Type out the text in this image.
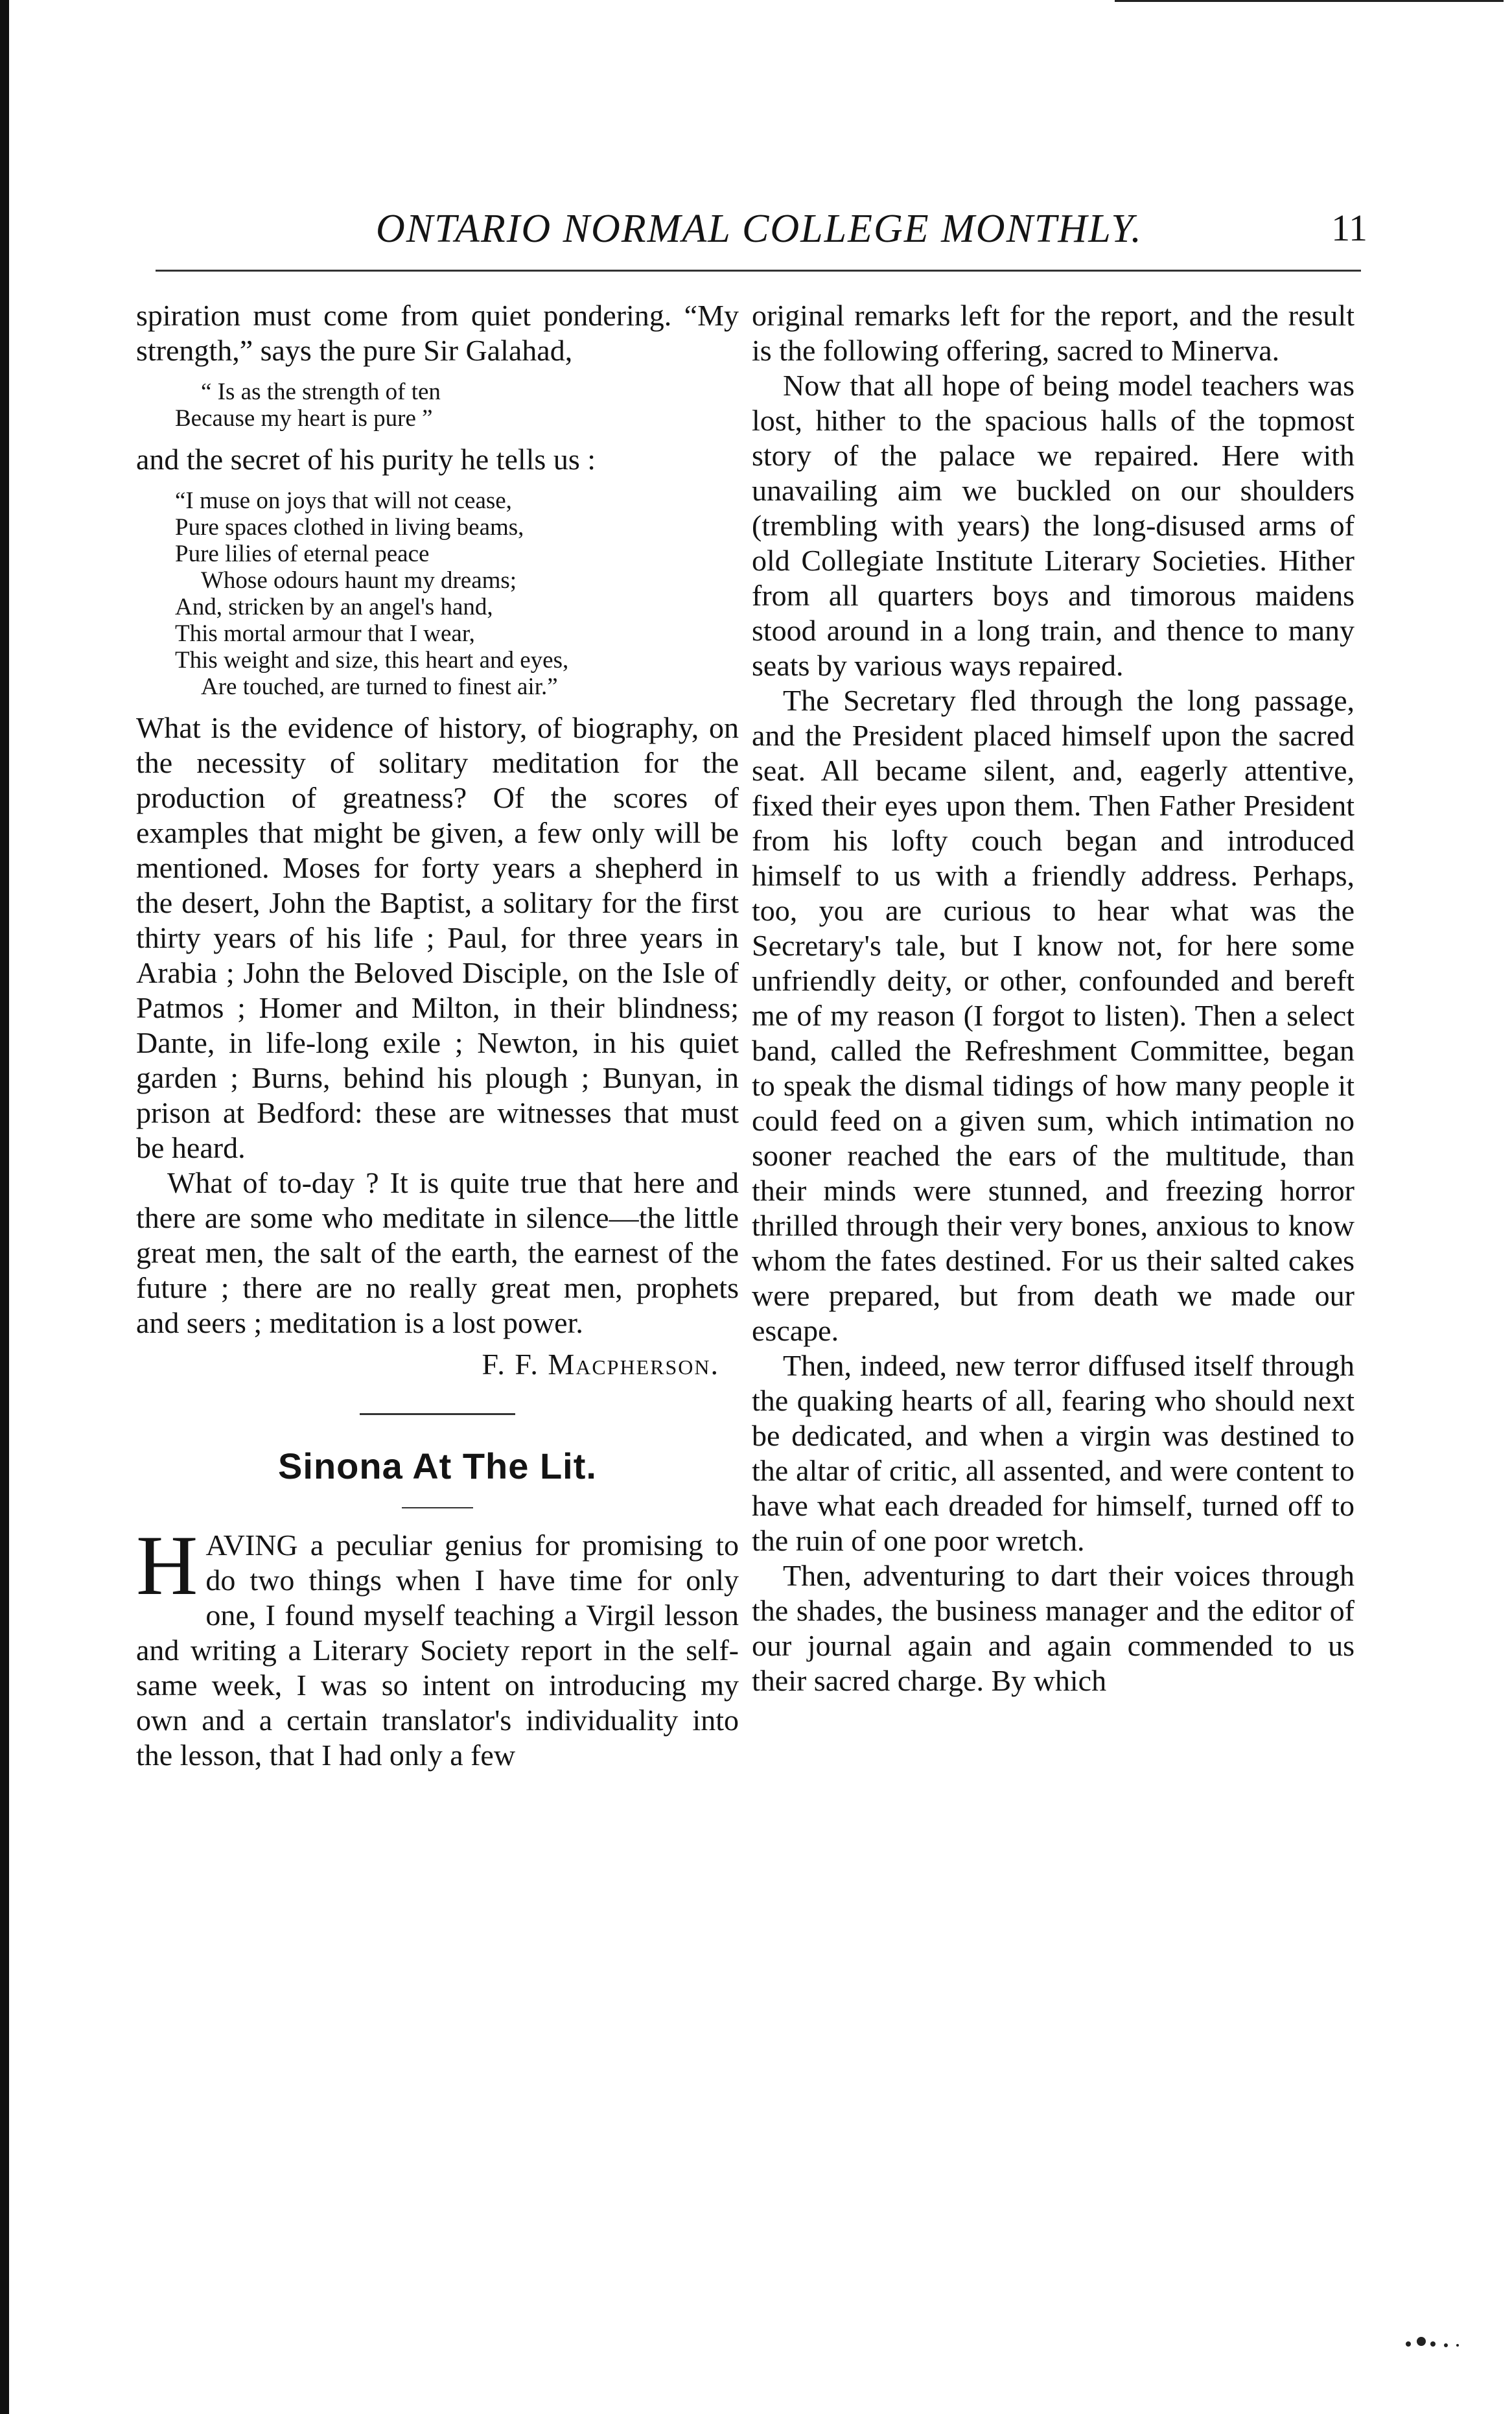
ONTARIO NORMAL COLLEGE MONTHLY.	11

spiration must come from quiet pondering. “My strength,” says the pure Sir Galahad,

“ Is as the strength of ten
Because my heart is pure ”

and the secret of his purity he tells us :

“I muse on joys that will not cease,
Pure spaces clothed in living beams,
Pure lilies of eternal peace
Whose odours haunt my dreams;
And, stricken by an angel's hand,
This mortal armour that I wear,
This weight and size, this heart and eyes,
Are touched, are turned to finest air.”

What is the evidence of history, of biography, on the necessity of solitary meditation for the production of greatness? Of the scores of examples that might be given, a few only will be mentioned. Moses for forty years a shepherd in the desert, John the Baptist, a solitary for the first thirty years of his life ; Paul, for three years in Arabia ; John the Beloved Disciple, on the Isle of Patmos ; Homer and Milton, in their blindness; Dante, in life-long exile ; Newton, in his quiet garden ; Burns, behind his plough ; Bunyan, in prison at Bedford: these are witnesses that must be heard.

What of to-day ? It is quite true that here and there are some who meditate in silence—the little great men, the salt of the earth, the earnest of the future ; there are no really great men, prophets and seers ; meditation is a lost power.

F. F. Macpherson.
Sinona At The Lit.

HAVING a peculiar genius for promising to do two things when I have time for only one, I found myself teaching a Virgil lesson and writing a Literary Society report in the self-same week, I was so intent on introducing my own and a certain translator's individuality into the lesson, that I had only a few

original remarks left for the report, and the result is the following offering, sacred to Minerva.

Now that all hope of being model teachers was lost, hither to the spacious halls of the topmost story of the palace we repaired. Here with unavailing aim we buckled on our shoulders (trembling with years) the long-disused arms of old Collegiate Institute Literary Societies. Hither from all quarters boys and timorous maidens stood around in a long train, and thence to many seats by various ways repaired.

The Secretary fled through the long passage, and the President placed himself upon the sacred seat. All became silent, and, eagerly attentive, fixed their eyes upon them. Then Father President from his lofty couch began and introduced himself to us with a friendly address. Perhaps, too, you are curious to hear what was the Secretary's tale, but I know not, for here some unfriendly deity, or other, confounded and bereft me of my reason (I forgot to listen). Then a select band, called the Refreshment Committee, began to speak the dismal tidings of how many people it could feed on a given sum, which intimation no sooner reached the ears of the multitude, than their minds were stunned, and freezing horror thrilled through their very bones, anxious to know whom the fates destined. For us their salted cakes were prepared, but from death we made our escape.

Then, indeed, new terror diffused itself through the quaking hearts of all, fearing who should next be dedicated, and when a virgin was destined to the altar of critic, all assented, and were content to have what each dreaded for himself, turned off to the ruin of one poor wretch.

Then, adventuring to dart their voices through the shades, the business manager and the editor of our journal again and again commended to us their sacred charge. By which
